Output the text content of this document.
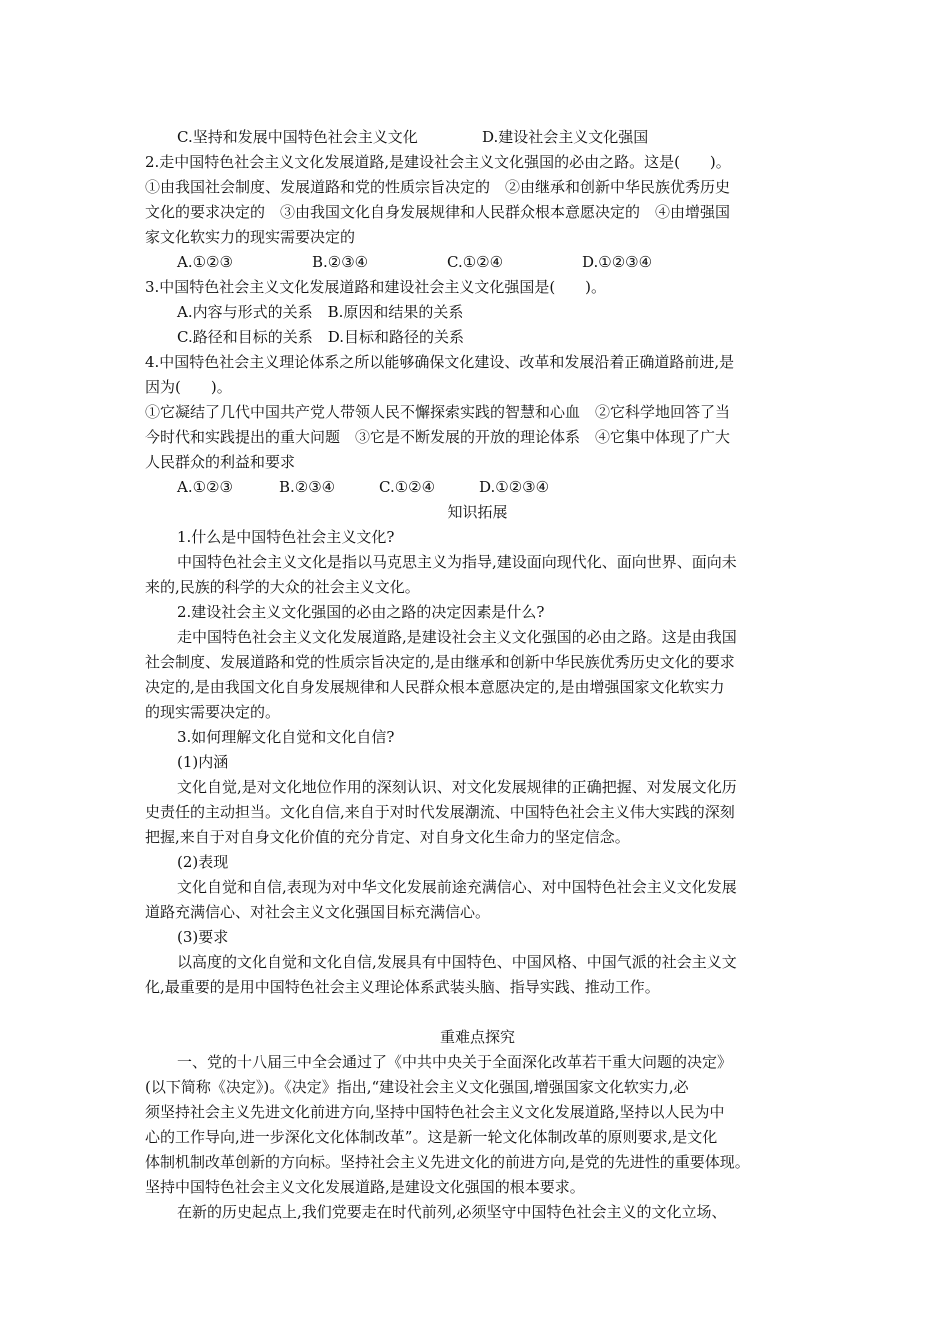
C.坚持和发展中国特色社会主义文化	D.建设社会主义文化强国
2.走中国特色社会主义文化发展道路,是建设社会主义文化强国的必由之路。这是(　　)。
①由我国社会制度、发展道路和党的性质宗旨决定的　②由继承和创新中华民族优秀历史
文化的要求决定的　③由我国文化自身发展规律和人民群众根本意愿决定的　④由增强国
家文化软实力的现实需要决定的
A.①②③	B.②③④	C.①②④	D.①②③④
3.中国特色社会主义文化发展道路和建设社会主义文化强国是(　　)。
A.内容与形式的关系　B.原因和结果的关系
C.路径和目标的关系　D.目标和路径的关系
4.中国特色社会主义理论体系之所以能够确保文化建设、改革和发展沿着正确道路前进,是
因为(　　)。
①它凝结了几代中国共产党人带领人民不懈探索实践的智慧和心血　②它科学地回答了当
今时代和实践提出的重大问题　③它是不断发展的开放的理论体系　④它集中体现了广大
人民群众的利益和要求
A.①②③	B.②③④	C.①②④	D.①②③④
知识拓展
1.什么是中国特色社会主义文化?
中国特色社会主义文化是指以马克思主义为指导,建设面向现代化、面向世界、面向未
来的,民族的科学的大众的社会主义文化。
2.建设社会主义文化强国的必由之路的决定因素是什么?
走中国特色社会主义文化发展道路,是建设社会主义文化强国的必由之路。这是由我国
社会制度、发展道路和党的性质宗旨决定的,是由继承和创新中华民族优秀历史文化的要求
决定的,是由我国文化自身发展规律和人民群众根本意愿决定的,是由增强国家文化软实力
的现实需要决定的。
3.如何理解文化自觉和文化自信?
(1)内涵
文化自觉,是对文化地位作用的深刻认识、对文化发展规律的正确把握、对发展文化历
史责任的主动担当。文化自信,来自于对时代发展潮流、中国特色社会主义伟大实践的深刻
把握,来自于对自身文化价值的充分肯定、对自身文化生命力的坚定信念。
(2)表现
文化自觉和自信,表现为对中华文化发展前途充满信心、对中国特色社会主义文化发展
道路充满信心、对社会主义文化强国目标充满信心。
(3)要求
以高度的文化自觉和文化自信,发展具有中国特色、中国风格、中国气派的社会主义文
化,最重要的是用中国特色社会主义理论体系武装头脑、指导实践、推动工作。
重难点探究
一、党的十八届三中全会通过了《中共中央关于全面深化改革若干重大问题的决定》
(以下简称《决定》)。《决定》指出,“建设社会主义文化强国,增强国家文化软实力,必
须坚持社会主义先进文化前进方向,坚持中国特色社会主义文化发展道路,坚持以人民为中
心的工作导向,进一步深化文化体制改革”。这是新一轮文化体制改革的原则要求,是文化
体制机制改革创新的方向标。坚持社会主义先进文化的前进方向,是党的先进性的重要体现。
坚持中国特色社会主义文化发展道路,是建设文化强国的根本要求。
在新的历史起点上,我们党要走在时代前列,必须坚守中国特色社会主义的文化立场、
